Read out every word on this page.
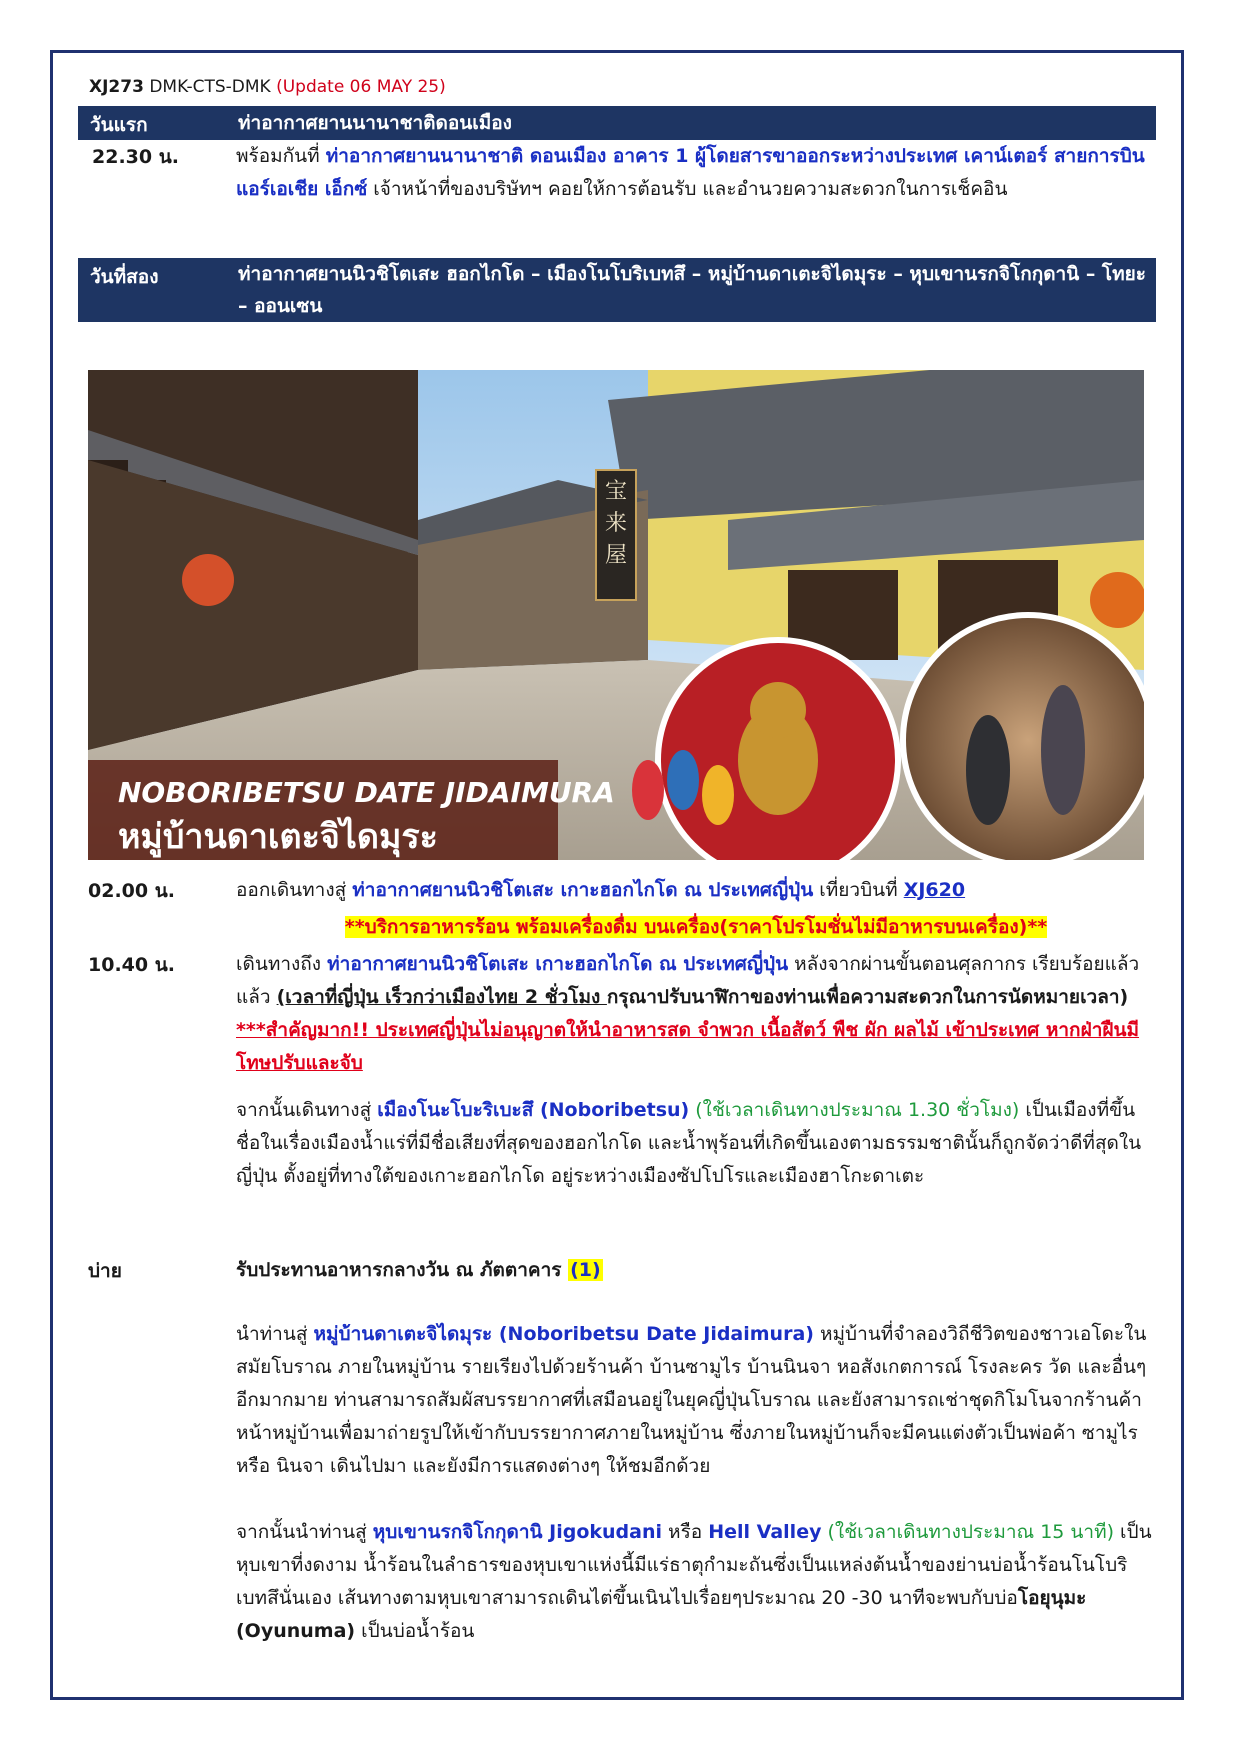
XJ273 DMK-CTS-DMK (Update 06 MAY 25)
วันแรก	ท่าอากาศยานนานาชาติดอนเมือง
22.30 น.	พร้อมกันที่ ท่าอากาศยานนานาชาติ ดอนเมือง อาคาร 1 ผู้โดยสารขาออกระหว่างประเทศ เคาน์เตอร์ สายการบินแอร์เอเชีย เอ็กซ์ เจ้าหน้าที่ของบริษัทฯ คอยให้การต้อนรับ และอำนวยความสะดวกในการเช็คอิน
วันที่สอง	ท่าอากาศยานนิวชิโตเสะ ฮอกไกโด – เมืองโนโบริเบทสึ – หมู่บ้านดาเตะจิไดมุระ – หุบเขานรกจิโกกุดานิ – โทยะ – ออนเซน
宝
来
屋
NOBORIBETSU DATE JIDAIMURA
หมู่บ้านดาเตะจิไดมุระ
02.00 น.	ออกเดินทางสู่ ท่าอากาศยานนิวชิโตเสะ เกาะฮอกไกโด ณ ประเทศญี่ปุ่น เที่ยวบินที่ XJ620
**บริการอาหารร้อน พร้อมเครื่องดื่ม บนเครื่อง(ราคาโปรโมชั่นไม่มีอาหารบนเครื่อง)**
10.40 น.	เดินทางถึง ท่าอากาศยานนิวชิโตเสะ เกาะฮอกไกโด ณ ประเทศญี่ปุ่น หลังจากผ่านขั้นตอนศุลกากร เรียบร้อยแล้ว แล้ว (เวลาที่ญี่ปุ่น เร็วกว่าเมืองไทย 2 ชั่วโมง กรุณาปรับนาฬิกาของท่านเพื่อความสะดวกในการนัดหมายเวลา) ***สำคัญมาก!! ประเทศญี่ปุ่นไม่อนุญาตให้นำอาหารสด จำพวก เนื้อสัตว์ พืช ผัก ผลไม้ เข้าประเทศ หากฝ่าฝืนมีโทษปรับและจับ
จากนั้นเดินทางสู่ เมืองโนะโบะริเบะสึ (Noboribetsu) (ใช้เวลาเดินทางประมาณ 1.30 ชั่วโมง) เป็นเมืองที่ขึ้นชื่อในเรื่องเมืองน้ำแร่ที่มีชื่อเสียงที่สุดของฮอกไกโด และน้ำพุร้อนที่เกิดขึ้นเองตามธรรมชาตินั้นก็ถูกจัดว่าดีที่สุดในญี่ปุ่น ตั้งอยู่ที่ทางใต้ของเกาะฮอกไกโด อยู่ระหว่างเมืองซัปโปโรและเมืองฮาโกะดาเตะ
บ่าย	รับประทานอาหารกลางวัน ณ ภัตตาคาร (1)
นำท่านสู่ หมู่บ้านดาเตะจิไดมุระ (Noboribetsu Date Jidaimura) หมู่บ้านที่จำลองวิถีชีวิตของชาวเอโดะในสมัยโบราณ ภายในหมู่บ้าน รายเรียงไปด้วยร้านค้า บ้านซามูไร บ้านนินจา หอสังเกตการณ์ โรงละคร วัด และอื่นๆ อีกมากมาย ท่านสามารถสัมผัสบรรยากาศที่เสมือนอยู่ในยุคญี่ปุ่นโบราณ และยังสามารถเช่าชุดกิโมโนจากร้านค้าหน้าหมู่บ้านเพื่อมาถ่ายรูปให้เข้ากับบรรยากาศภายในหมู่บ้าน ซึ่งภายในหมู่บ้านก็จะมีคนแต่งตัวเป็นพ่อค้า ซามูไร หรือ นินจา เดินไปมา และยังมีการแสดงต่างๆ ให้ชมอีกด้วย
จากนั้นนำท่านสู่ หุบเขานรกจิโกกุดานิ Jigokudani หรือ Hell Valley (ใช้เวลาเดินทางประมาณ 15 นาที) เป็นหุบเขาที่งดงาม น้ำร้อนในลำธารของหุบเขาแห่งนี้มีแร่ธาตุกำมะถันซึ่งเป็นแหล่งต้นน้ำของย่านบ่อน้ำร้อนโนโบริเบทสึนั่นเอง เส้นทางตามหุบเขาสามารถเดินไต่ขึ้นเนินไปเรื่อยๆประมาณ 20 -30 นาทีจะพบกับบ่อโอยุนุมะ (Oyunuma) เป็นบ่อน้ำร้อน
